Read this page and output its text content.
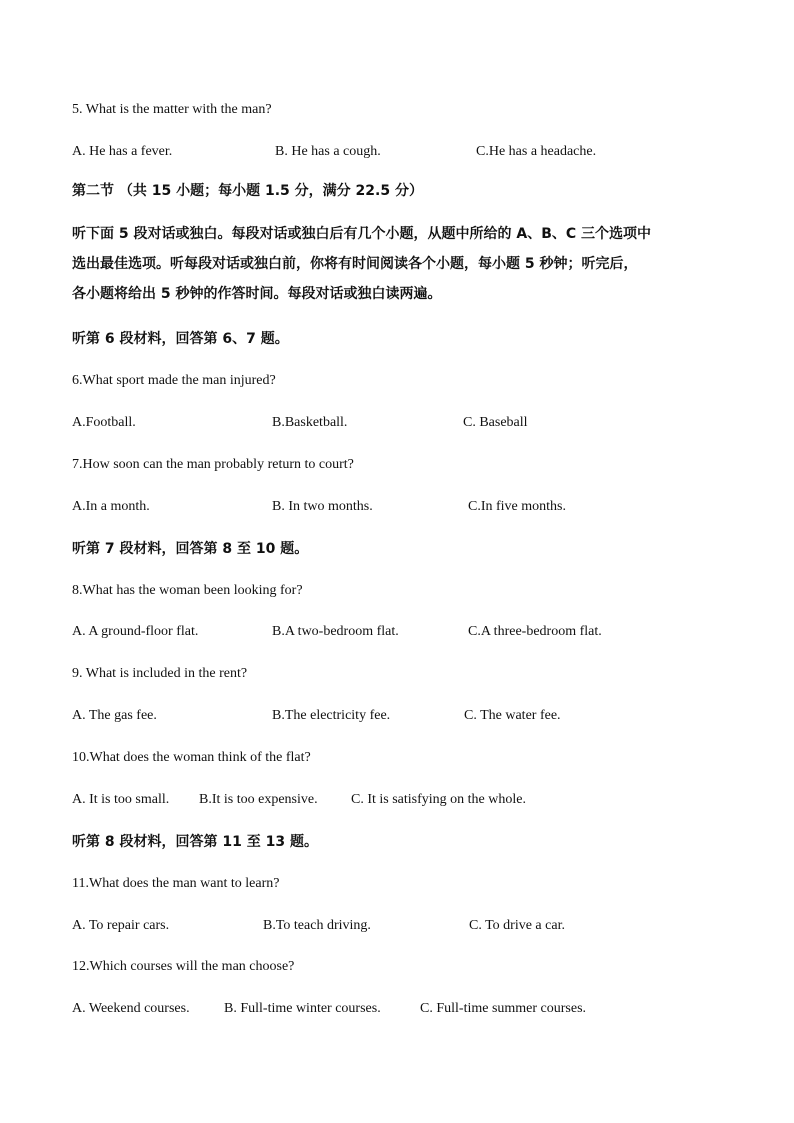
5. What is the matter with the man?
A. He has a fever.	B. He has a cough.	C.He has a headache.
第二节 （共 15 小题；每小题 1.5 分，满分 22.5 分）
听下面 5 段对话或独白。每段对话或独白后有几个小题，从题中所给的 A、B、C 三个选项中
选出最佳选项。听每段对话或独白前，你将有时间阅读各个小题，每小题 5 秒钟；听完后，
各小题将给出 5 秒钟的作答时间。每段对话或独白读两遍。
听第 6 段材料，回答第 6、7 题。
6.What sport made the man injured?
A.Football.	B.Basketball.	C. Baseball
7.How soon can the man probably return to court?
A.In a month.	B. In two months.	C.In five months.
听第 7 段材料，回答第 8 至 10 题。
8.What has the woman been looking for?
A. A ground-floor flat.	B.A two-bedroom flat.	C.A three-bedroom flat.
9. What is included in the rent?
A. The gas fee.	B.The electricity fee.	C. The water fee.
10.What does the woman think of the flat?
A. It is too small. B.It is too expensive. C. It is satisfying on the whole.
听第 8 段材料，回答第 11 至 13 题。
11.What does the man want to learn?
A. To repair cars.	B.To teach driving.	C. To drive a car.
12.Which courses will the man choose?
A. Weekend courses. B. Full-time winter courses.	C. Full-time summer courses.
